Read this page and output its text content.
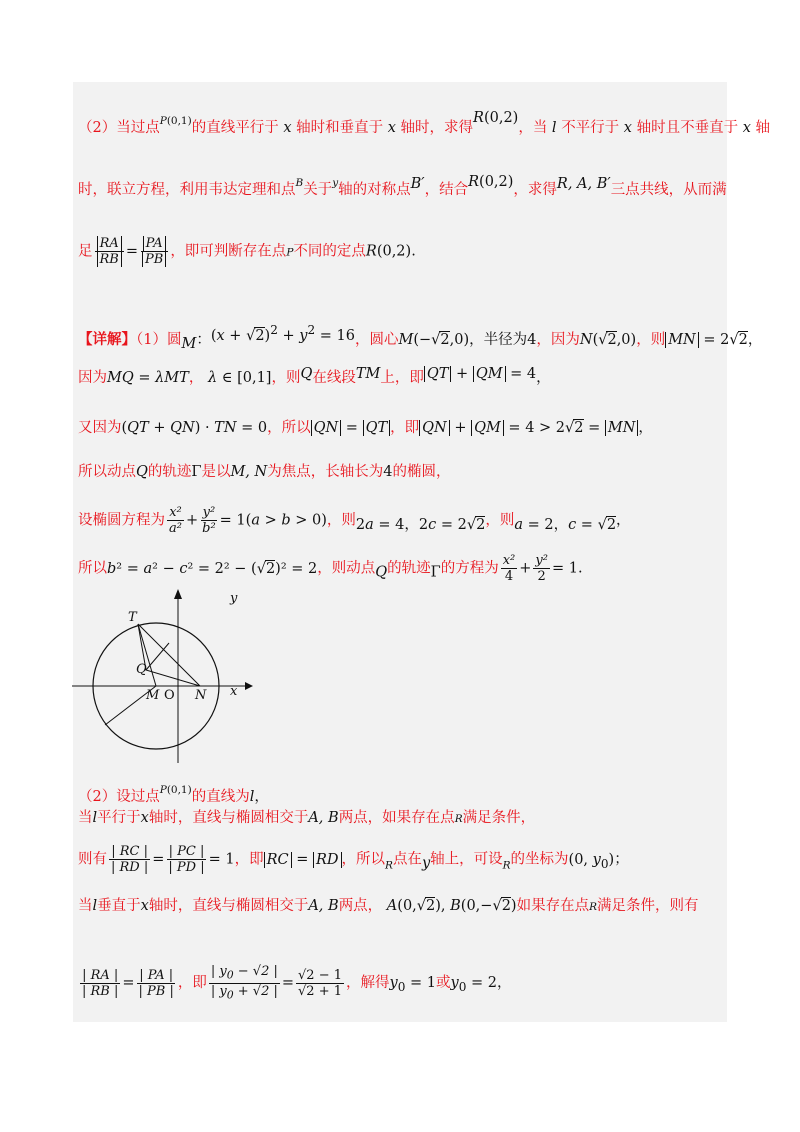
（2）当过点$^{P(0,1)}$的直线平行于 x 轴时和垂直于 x 轴时，求得R(0,2)，当 l 不平行于 x 轴时且不垂直于 x 轴
时，联立方程，利用韦达定理和点$^B$关于$^y$轴的对称点B′，结合R(0,2)，求得R, A, B′三点共线，从而满
足 $\frac{RA}{RB} = \frac{PA}{PB}$ ，即可判断存在点P不同的定点R(0,2).
【详解】（1）圆M：$(x + √2)^2 + y^2 = 16$，圆心M(−√2,0)，半径为4，因为N(√2,0)，则 MN = 2√2，
因为MQ = λMT， λ ∈ [0,1]，则Q在线段TM上，即 QT + QM = 4，
又因为(QT + QN) · TN = 0，所以 QN = QT ，即 QN + QM = 4 > 2√2 = MN ，
所以动点Q的轨迹Γ是以M, N为焦点，长轴长为4的椭圆，
设椭圆方程为 $\frac{\text{x²}}{\text{a²}} + \frac{\text{y²}}{\text{b²}} = 1(a > b > 0)$，则2a = 4，2c = 2√2，则a = 2，c = √2，
所以b² = a² − c² = 2² − (√2)² = 2，则动点Q的轨迹Γ的方程为 $\frac{\text{x²}}{4} + \frac{\text{y²}}{2} = 1$.
y
T
Q
M O N x
（2）设过点$^{P(0,1)}$的直线为l，
当l平行于x轴时，直线与椭圆相交于A, B两点，如果存在点R满足条件，
则有 $\frac{| RC |}{| RD |} = \frac{| PC |}{| PD |} = 1$，即 RC = RD ，所以$_R$点在y轴上，可设$_R$的坐标为(0, $y_0$)；
当l垂直于x轴时，直线与椭圆相交于A, B两点， A(0,√2), B(0,−√2)如果存在点R满足条件，则有
$\frac{| RA |}{| RB |} = \frac{| PA |}{| PB |}$ ，即 $\frac{| y_0 - √2 |}{| y_0 + √2 |} = \frac{√2 - 1}{√2 + 1}$ ，解得$y_0 = 1$或$y_0 = 2$，
